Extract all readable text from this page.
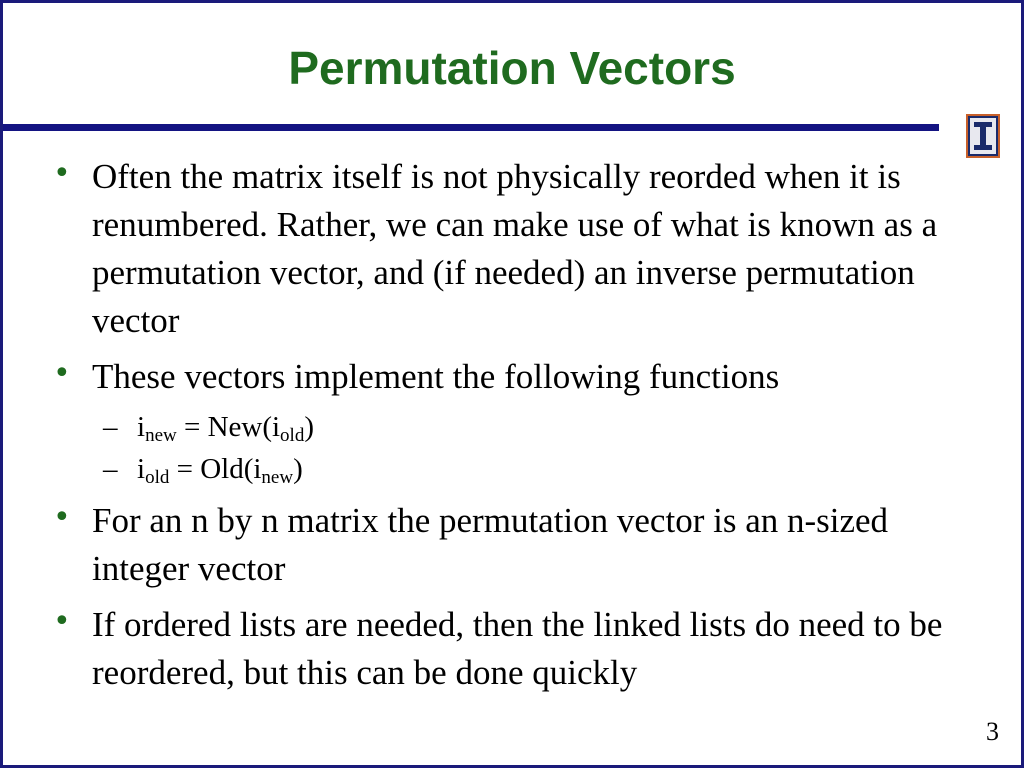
Permutation Vectors
• Often the matrix itself is not physically reorded when it is renumbered. Rather, we can make use of what is known as a permutation vector, and (if needed) an inverse permutation vector
• These vectors implement the following functions
– $i_{new} = New(i_{old})$
– $i_{old} = Old(i_{new})$
• For an n by n matrix the permutation vector is an n-sized integer vector
• If ordered lists are needed, then the linked lists do need to be reordered, but this can be done quickly
3
